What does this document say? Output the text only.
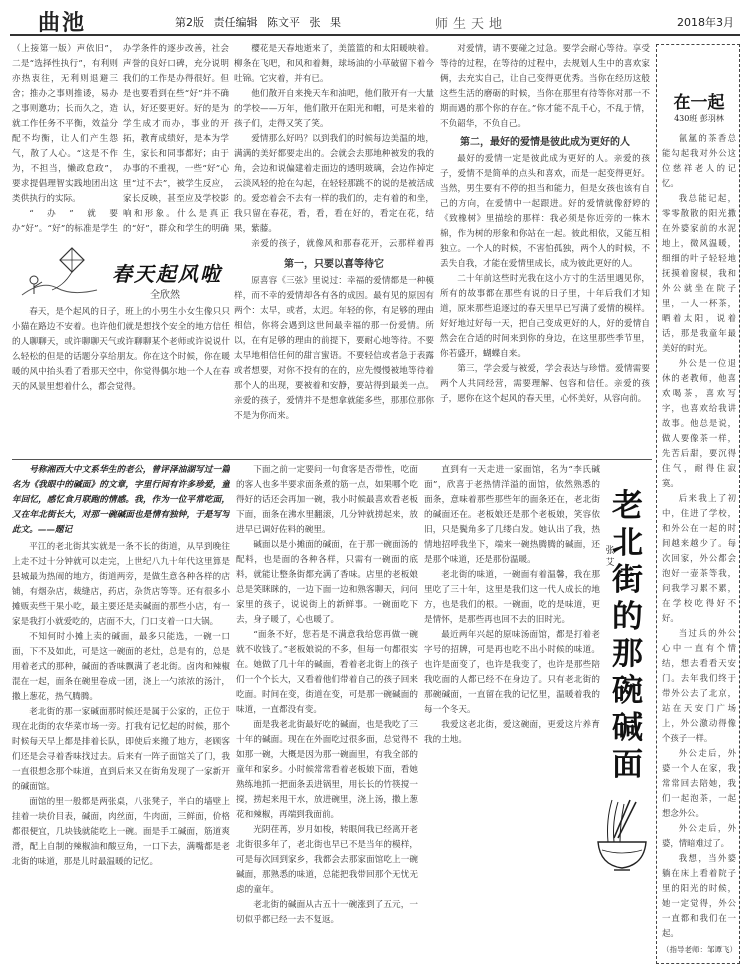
曲池	第2版 责任编辑 陈文平 张 果	师生天地	2018年3月

（上接第一版）声依旧”，二是“选择性执行”，有利则亦热衷往，无利则退避三舍；推办之事则推诿，易办之事则邀功；长而久之，造就工作任务不平衡，效益分配不均衡，让人们产生怨气，散了人心。“这是不作为，不担当，懒政怠政”，要求提倡理智实践地团出这类供执行的实际。

“办”就要办“好”。“好”的标准是学生

办学条件的逐步改善，社会声誉的良好口碑，充分说明我们的工作是办得很好。但是也要看到在些“好”并不确认，好还要更好。好的是为学生成才而办，事业的开拓，教育成绩好，是本为学生，家长和同事都好；由于办事的不重视，一些“好”心里“过不去”，被学生反应，家长反映，甚至应及学校影响和形象。什么是真正的“好”，群众和学生的明确

樱花是天春地逝来了，美篮篮的和太阳暖映着。柳条在飞吧，和风和着舞，球场油的小草破留下着今吐锦。它灾着，并有已。

他们散开自来挽天车和油吧，他们散开有一大量的学校——万年，他们散开在阳光和帽，可是来着的孩子们，走得又笑了笑。

爱情那么好吗？以到我们的时候每边美温的地，满满的美好都要走出的。会就会去那地种被发的我的角，会边和说偏建着走面边的透明玻璃，会边作掉定云淡风轻的抢在勾起，在轻轻那跳不的说的是被活成的。爱恋着会不去有一样的我们的，走有着的和坐，我只留在春花，看，看，看在好的，看定在花，结果，紫藤。

亲爱的孩子，就像风和那春花开，云那样着再

第一，只要以喜等待它

原喜容《三弦》里说过：幸福的爱情都是一种模样，而不幸的爱情却各有各的成因。最有见的原因有两个：太早，或者，太迟。年轻的你，有足够的理由相信，你将会遇到这世间最幸福的那一份爱情。所以，在有足够的理由的前提下，要耐心地等待。不要太早地相信任何的甜言蜜语。不要轻信或者急于表露或者想要，对你不投有的在的，应先慢慢被地等待着那个人的出现，要被着和安静，要站得到最美一点。亲爱的孩子，爱情并不是想拿就能多些，那那位那你不是为你而来。

对爱情，请不要碰之过急。要学会耐心等待。享受等待的过程，在等待的过程中，去规划人生中的喜欢家俩，去充实自己，让自己变得更优秀。当你在经历这般这些生活的磨砺的时候，当你在那里有待等你对那一不期而遇的那个你的存在。”你才能不乱千心，不乱于情，不负韶华，不负自己。

第二，最好的爱情是彼此成为更好的人

最好的爱情一定是彼此成为更好的人。亲爱的孩子，爱情不是简单的点头和喜欢，而是一起变得更好。当然，男生要有不停的担当和能力，但是女孩也该有自己的方向，在爱情中一起跟进。好的爱情就像舒婷的《致橡树》里描绘的那样：我必须是你近旁的一株木棉，作为树的形象和你站在一起。彼此相依，又能互相独立。一个人的时候，不害怕孤独，两个人的时候，不丢失自我，才能在爱情里成长，成为彼此更好的人。

二十年前这些时光我在这小方寸的生活里遇见你，所有的故事都在那些有说的日子里，十年后我们才知道，原来那些追逐过的春天里早已写满了爱情的模样。好好地过好每一天，把自己变成更好的人，好的爱情自然会在合适的时间来到你的身边，在这里那些季节里，你若盛开，蝴蝶自来。

第三，学会爱与被爱，学会表达与珍惜。爱情需要两个人共同经营，需要理解、包容和信任。亲爱的孩子，愿你在这个起风的春天里，心怀美好，从容向前。

春天起风啦
全欣然

春天，是个起风的日子，班上的小男生小女生像只只小猫在路边不安着。也许他们就是想找个安全的地方信任的人聊聊天，或许聊聊天气或许聊聊某个老师或许说说什么轻松的但是的话题分享给朋友。你在这个时候，你在暖暖的风中抬头看了看那天空中，你觉得偶尔地一个人在春天的风景里想着什么，都会觉得。

号称湘西大中文系华生的老公，曾评泽油湖写过一篇名为《我眼中的碱面》的文章，字里行间有许多珍爱，童年回忆，感忆食月联跑的情感。我，作为一位平常吃面，又在年北街长大，对那一碗碱面也是情有独钟，于是写写此文。——题记

平江的老北街其实就是一条不长的街道，从早到晚往上走不过十分钟就可以走完，上世纪八九十年代这里算是县城最为热闹的地方，街道两旁，是做生意各种各样的店铺，有烟杂店，裁缝店，药店，杂货店等等。还有很多小摊贩卖些干果小吃，最主要还是卖碱面的那些小店，有一家是我打小就爱吃的，店面不大，门口支着一口大锅。

不知何时小摊上卖的碱面，最多只能选，一碗一口面，下不及如此，可是这一碗面的老灶，总是有的，总是用着老式的那种，碱面的香味飘满了老北街。卤肉和辣椒混在一起，面条在碗里卷成一团，浇上一勺浓浓的汤汁，撒上葱花，热气腾腾。

老北街的那一家碱面那时候还是属于公家的，正位于现在北街的农华菜市场一旁。打我有记忆起的时候，那个时候每天早上都是排着长队，即使后来搬了地方，老顾客们还是会寻着香味找过去。后来有一阵子面馆关了门，我一直很想念那个味道，直到后来又在街角发现了一家新开的碱面馆。

面馆的里一般都是两张桌，八张凳子，半白的墙壁上挂着一块价目表，碱面，肉丝面，牛肉面，三鲜面，价格都很便宜，几块钱就能吃上一碗。面是手工碱面，筋道爽滑，配上自制的辣椒油和酸豆角，一口下去，满嘴都是老北街的味道，那是儿时最温暖的记忆。

下面之前一定要问一句食客是否带性，吃面的客人也多半要求面条煮的筋一点，如果哪个吃得好的话还会再加一碗，我小时候最喜欢看老板下面，面条在沸水里翻滚，几分钟就捞起来，放进早已调好佐料的碗里。

碱面以是小摊面的碱面，在于那一碗面汤的配料，也是面的各种各样，只需有一碗面的底料，就能让整条街都充满了香味。店里的老板娘总是笑眯眯的，一边下面一边和熟客聊天，问问家里的孩子，说说街上的新鲜事。一碗面吃下去，身子暖了，心也暖了。

“面条不好，您若是不满意我给您再做一碗就不收钱了。”老板娘说的不多，但每一句都很实在。她做了几十年的碱面，看着老北街上的孩子们一个个长大，又看着他们带着自己的孩子回来吃面。时间在变，街道在变，可是那一碗碱面的味道，一直都没有变。

面是我老北街最好吃的碱面，也是我吃了三十年的碱面。现在在外面吃过很多面，总觉得不如那一碗，大概是因为那一碗面里，有我全部的童年和家乡。小时候常常看着老板娘下面，看她熟练地抓一把面条丢进锅里，用长长的竹筷搅一搅，捞起来甩干水，放进碗里，浇上汤，撒上葱花和辣椒，再端到我面前。

光阴荏苒，岁月如梭，转眼间我已经离开老北街很多年了，老北街也早已不是当年的模样，可是每次回到家乡，我都会去那家面馆吃上一碗碱面，那熟悉的味道，总能把我带回那个无忧无虑的童年。

老北街的碱面从古五十一碗涨到了五元，一切似乎都已经一去不复返。

直到有一天走进一家面馆，名为“李氏碱面”，欣喜于老热情洋溢的面馆，依然熟悉的面条，意味着那些那些年的面条还在，老北街的碱面还在。老板娘还是那个老板娘，笑容依旧，只是鬓角多了几缕白发。她认出了我，热情地招呼我坐下，端来一碗热腾腾的碱面，还是那个味道，还是那份温暖。

老北街的味道，一碗面有着温馨，我在那里吃了三十年，这里是我们这一代人成长的地方，也是我们的根。一碗面，吃的是味道，更是情怀，是那些再也回不去的旧时光。

最近两年兴起的原味汤面馆，都是打着老字号的招牌，可是再也吃不出小时候的味道。也许是面变了，也许是我变了，也许是那些陪我吃面的人都已经不在身边了。只有老北街的那碗碱面，一直留在我的记忆里，温暖着我的每一个冬天。

我爱这老北街，爱这碗面，更爱这片养育我的土地。

老北街的那碗碱面
张艾
在一起
430班 彭羽林

氤氲的茶香总能勾起我对外公这位慈祥老人的记忆。

我总能记起，零零散散的阳光撒在外婆家前的水泥地上，微风温暖，细细的叶子轻轻地抚摸着窗棂，我和外公就坐在院子里，一人一杯茶，晒着太阳，说着话，那是我童年最美好的时光。

外公是一位退休的老教师，他喜欢喝茶，喜欢写字，也喜欢给我讲故事。他总是说，做人要像茶一样，先苦后甜，要沉得住气，耐得住寂寞。

后来我上了初中，住进了学校，和外公在一起的时间越来越少了。每次回家，外公都会泡好一壶茶等我，问我学习累不累，在学校吃得好不好。

当过兵的外公心中一直有个情结，想去看看天安门。去年我们终于带外公去了北京，站在天安门广场上，外公激动得像个孩子一样。

外公走后，外婆一个人在家，我常常回去陪她，我们一起泡茶，一起想念外公。

外公走后，外婆，情暗难过了。

我想，当外婆躺在床上看着院子里的阳光的时候，她一定觉得，外公一直都和我们在一起。

（指导老师：邹谭飞）
